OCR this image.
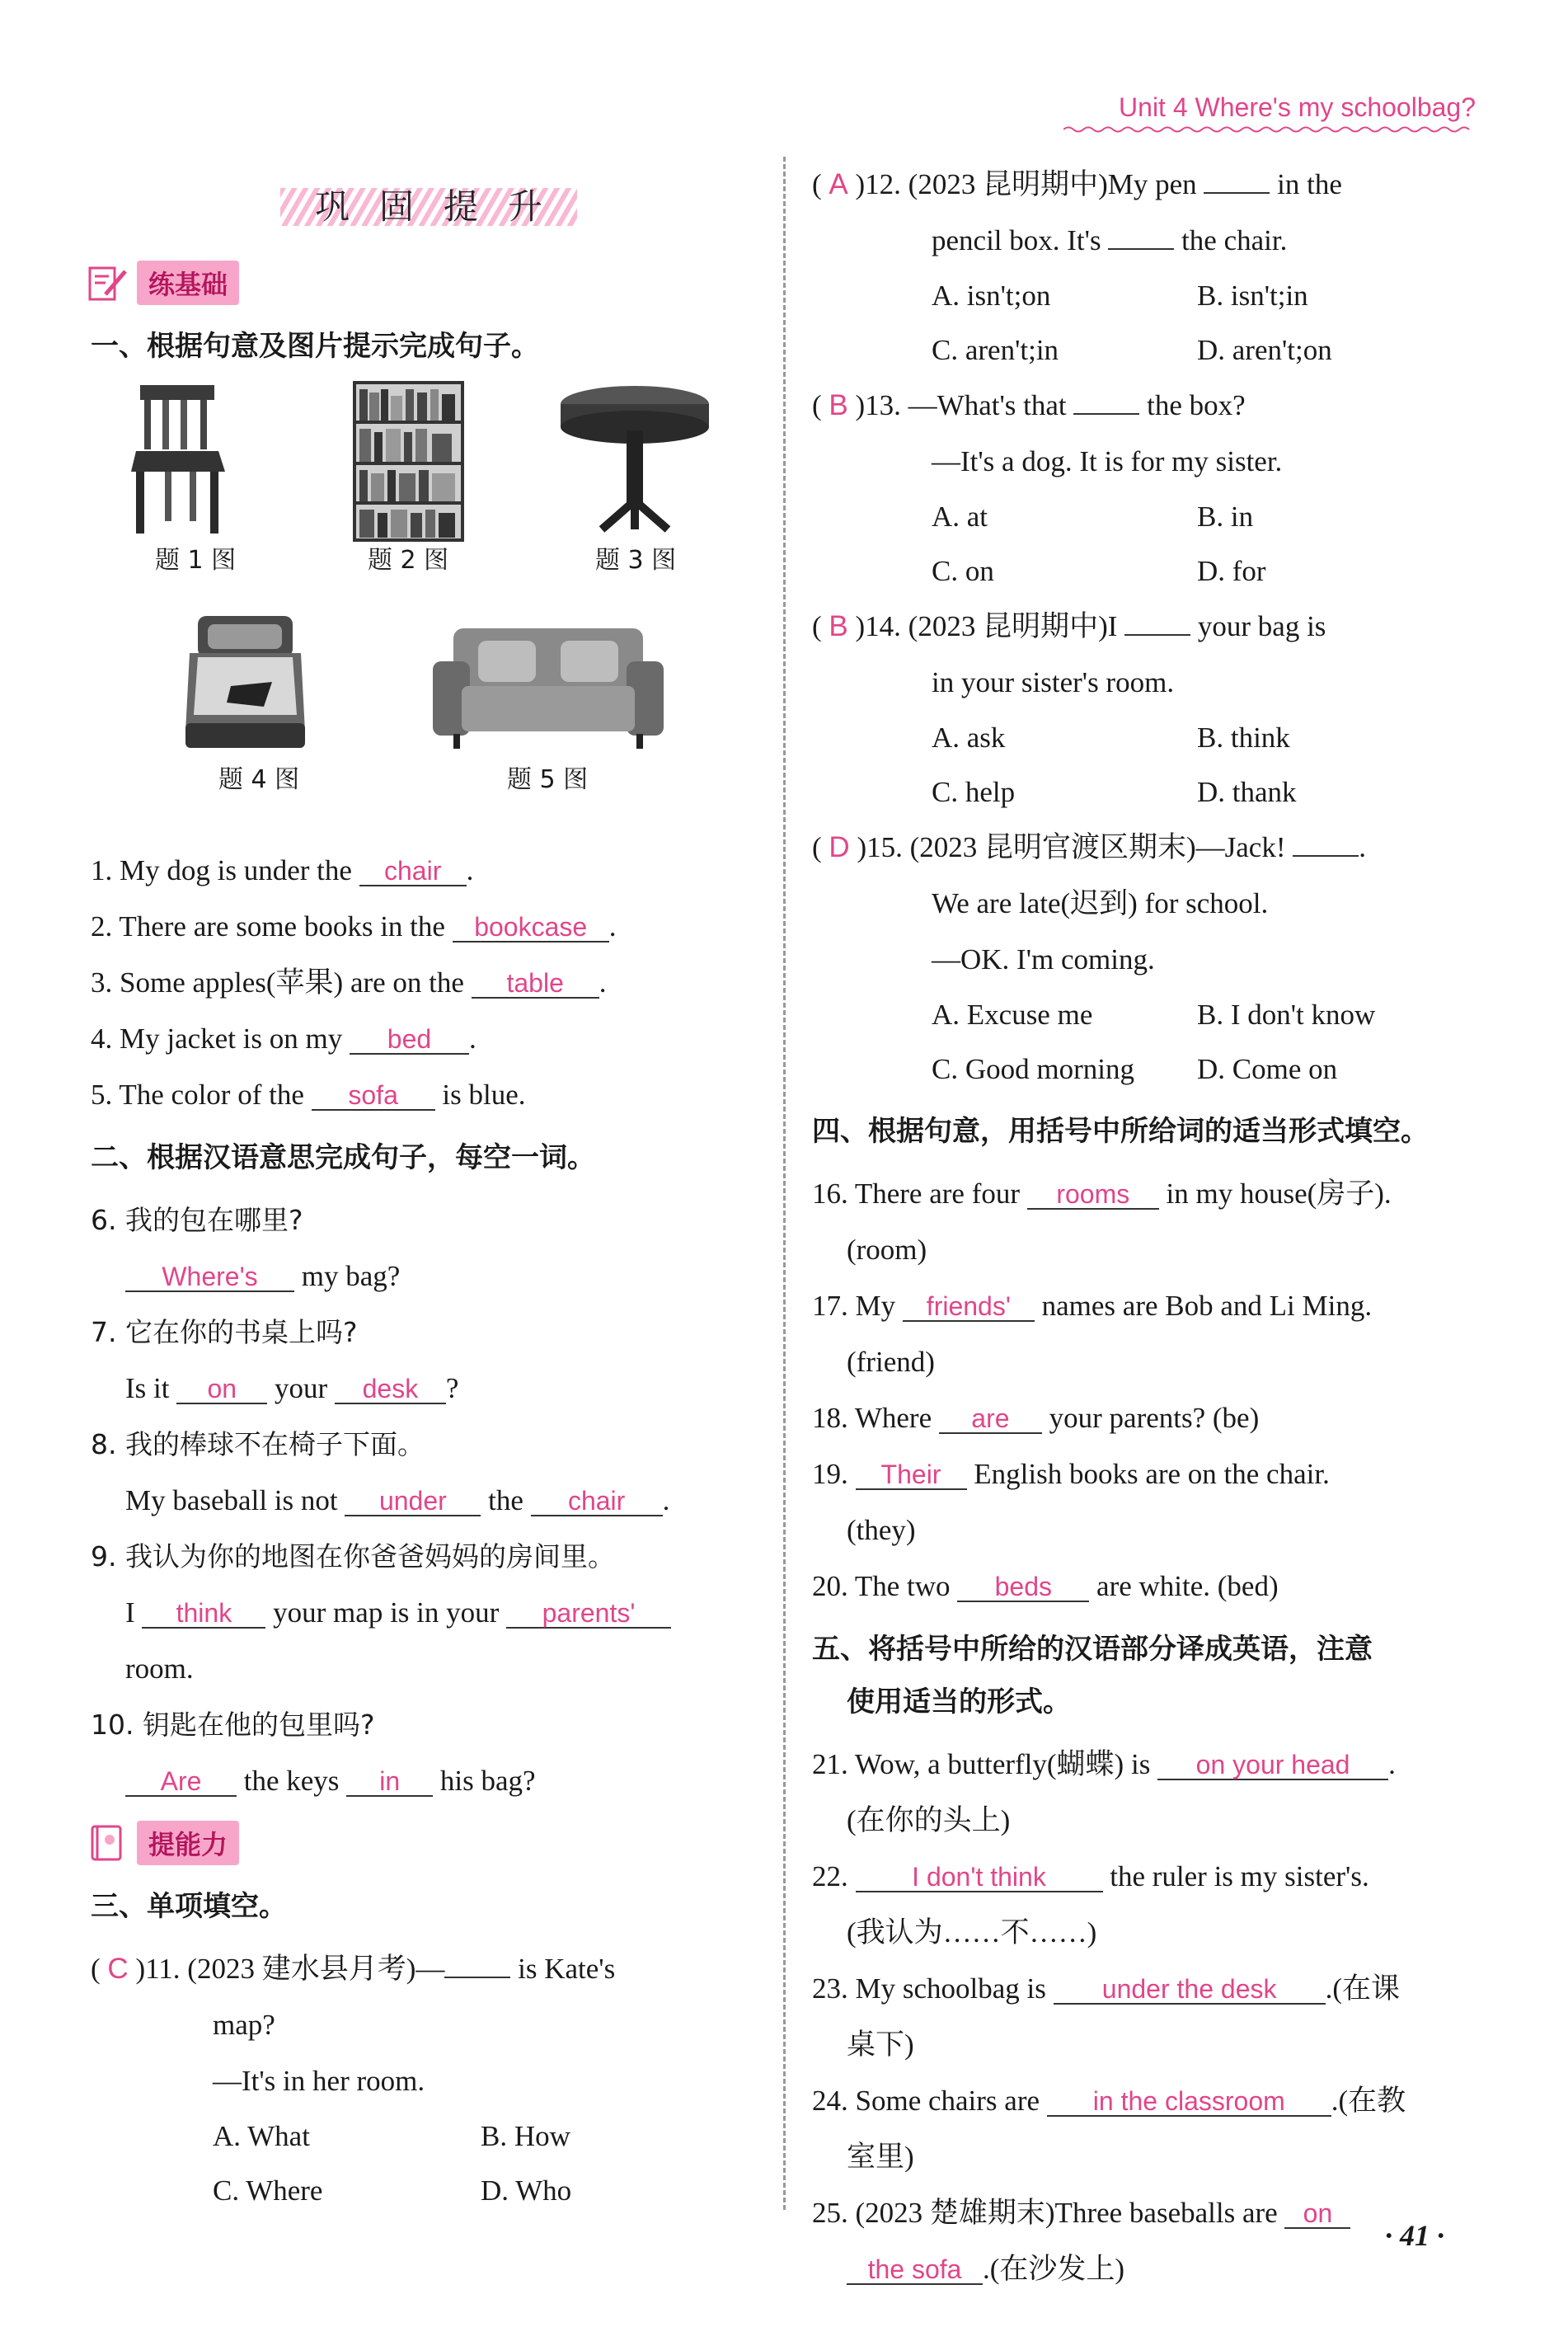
Unit 4 Where's my schoolbag?
巩固提升
练基础
一、根据句意及图片提示完成句子。
题 1 图	题 2 图	题 3 图
题 4 图	题 5 图
1. My dog is under the chair .
2. There are some books in the bookcase .
3. Some apples(苹果) are on the table .
4. My jacket is on my bed .
5. The color of the sofa is blue.
二、根据汉语意思完成句子，每空一词。
6. 我的包在哪里?
Where's my bag?
7. 它在你的书桌上吗?
Is it on your desk ?
8. 我的棒球不在椅子下面。
My baseball is not under the chair .
9. 我认为你的地图在你爸爸妈妈的房间里。
I think your map is in your parents'
room.
10. 钥匙在他的包里吗?
Are the keys in his bag?
提能力
三、单项填空。
( C )11. (2023 建水县月考)—	is Kate's
map?
—It's in her room.
A. What	B. How
C. Where	D. Who
( A )12. (2023 昆明期中)My pen	in the
pencil box. It's	the chair.
A. isn't;on	B. isn't;in
C. aren't;in	D. aren't;on
( B )13. —What's that	the box?
—It's a dog. It is for my sister.
A. at	B. in
C. on	D. for
( B )14. (2023 昆明期中)I	your bag is
in your sister's room.
A. ask	B. think
C. help	D. thank
( D )15. (2023 昆明官渡区期末)—Jack!	.
We are late(迟到) for school.
—OK. I'm coming.
A. Excuse me	B. I don't know
C. Good morning	D. Come on
四、根据句意，用括号中所给词的适当形式填空。
16. There are four rooms in my house(房子).
(room)
17. My friends' names are Bob and Li Ming.
(friend)
18. Where are your parents? (be)
19. Their English books are on the chair.
(they)
20. The two beds are white. (bed)
五、将括号中所给的汉语部分译成英语，注意
使用适当的形式。
21. Wow, a butterfly(蝴蝶) is on your head .
(在你的头上)
22. I don't think the ruler is my sister's.
(我认为……不……)
23. My schoolbag is under the desk .(在课
桌下)
24. Some chairs are in the classroom .(在教
室里)
25. (2023 楚雄期末)Three baseballs are on
the sofa .(在沙发上)
· 41 ·
